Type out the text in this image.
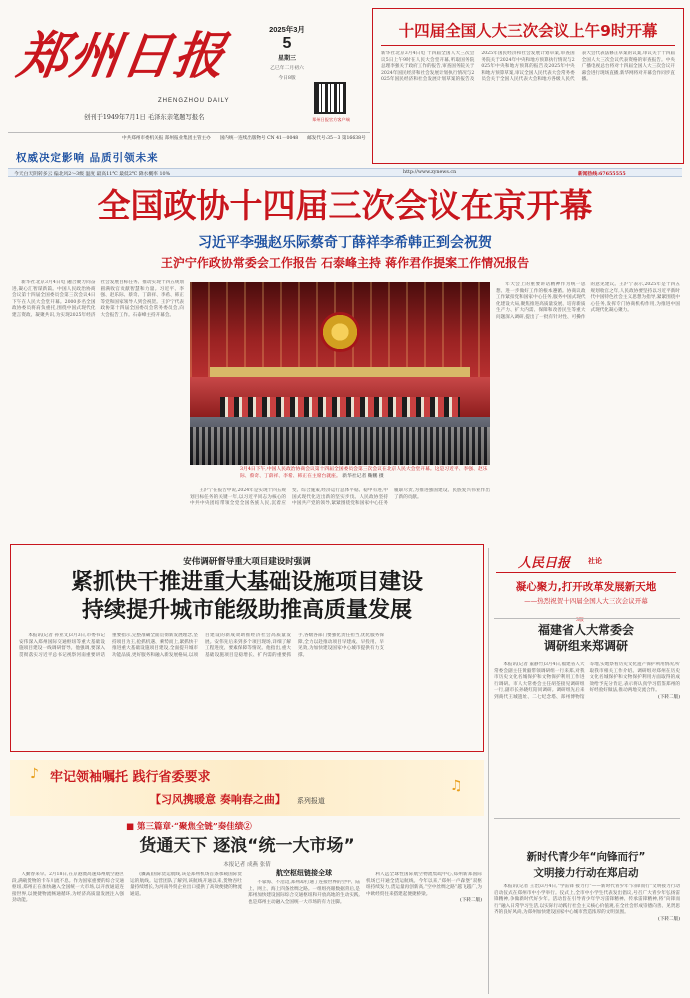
郑州日报
ZHENGZHOU DAILY
创刊于1949年7月1日 毛泽东亲笔题写报名
2025年3月
5
星期三
乙巳年二月初六
今日8版
郑州日报官方客户端
中共郑州市委机关报 郑州报业集团主管主办 国内统一连续出版物号 CN 41－0048 邮发代号:35－3 第16638号
权威决定影响 品质引领未来
今天白天阴转多云 偏北风2～3级 温度 最高11℃ 最低2℃ 降水概率 10%	http://www.zynews.cn	新闻热线:67655555
十四届全国人大三次会议上午9时开幕
新华社北京3月4日电 十四届全国人大三次会议5日上午9时在人民大会堂开幕,听取国务院总理李强关于政府工作的报告,审查国务院关于2024年国民经济和社会发展计划执行情况与2025年国民经济和社会发展计划草案的报告及2025年国民经济和社会发展计划草案,审查国务院关于2024年中央和地方预算执行情况与2025年中央和地方预算的报告及2025年中央和地方预算草案,审议全国人民代表大会常务委员会关于全国人民代表大会和地方各级人民代表大会代表法修正草案的议案,审议关于十四届全国人大三次会议代表资格的审查报告。中央广播电视总台将对十四届全国人大三次会议开幕会进行现场直播,新华网将对开幕会作同步直播。
全国政协十四届三次会议在京开幕
习近平李强赵乐际蔡奇丁薛祥李希韩正到会祝贺
王沪宁作政协常委会工作报告 石泰峰主持 蒋作君作提案工作情况报告

新华社北京3月4日电 融合聚力同奋进,凝心汇智谋新篇。中国人民政治协商会议第十四届全国委员会第三次会议4日下午在人民大会堂开幕。2000多名全国政协委员将肩负重托,围绕中国式现代化建言资政、凝聚共识,为实现2025年经济社会发展目标任务、推动实现十四五规划圆满收官贡献智慧和力量。习近平、李强、赵乐际、蔡奇、丁薛祥、李希、韩正等党和国家领导人到会祝贺。王沪宁代表政协第十四届全国委员会常务委员会,向大会报告工作。石泰峰主持开幕会。

3月4日下午,中国人民政治协商会议第十四届全国委员会第三次会议在北京人民大会堂开幕。这是习近平、李强、赵乐际、蔡奇、丁薛祥、李希、韩正在主席台就座。 新华社记者 鞠鹏 摄

王沪宁在报告中说,2024年是实现十四五规划目标任务的关键一年,以习近平同志为核心的中共中央团结带领全党全国各族人民,沉着应变、综合施策,经济运行总体平稳、稳中有进,中国式现代化迈出新的坚实步伐。人民政协坚持中国共产党的领导,紧紧围绕党和国家中心任务履职尽责,为推进强国建设、民族复兴伟业作出了新的贡献。

年大会上的重要讲话精神作为统一思想、进一步做好工作的根本遵循。协商议政工作紧扣党和国家中心任务,服务中国式现代化建设大局,聚焦推进高质量发展、培育新质生产力、扩大内需、保障和改善民生等重大问题深入调研,提出了一批有针对性、可操作的意见建议。王沪宁表示,2025年是十四五规划收官之年,人民政协要坚持以习近平新时代中国特色社会主义思想为指导,紧紧围绕中心任务,发挥专门协商机构作用,为推进中国式现代化凝心聚力。

安伟调研督导重大项目建设时强调
紧抓快干推进重大基础设施项目建设
持续提升城市能级助推高质量发展

本报讯(记者 孙亚文)3月3日,市委书记安伟深入郑州国际交通枢纽等重大基础设施项目建设一线调研督导。他强调,要深入贯彻落实习近平总书记视察河南重要讲话重要指示,完整准确全面贯彻新发展理念,坚持项目为王,抢抓机遇、乘势而上,紧抓快干推进重大基础设施项目建设,全面提升城市功能品质,更好服务和融入新发展格局,以项目建设的新成效助推经济社会高质量发展。安伟先后来到多个项目现场,详细了解工程进度、要素保障等情况。他指出,重大基础设施项目是稳增长、扩内需的重要抓手,各级各部门要强化责任担当,优化服务保障,全力以赴推动项目早建成、早投用、早见效,为加快建设国家中心城市提供有力支撑。

人民日报	社论
凝心聚力,打开改革发展新天地
——热烈祝贺十四届全国人大三次会议开幕
3版
福建省人大常委会
调研组来郑调研

本报讯(记者 董静竹)3月4日,福建省人大常委会副主任黄毅带领调研组一行来郑,对我市历史文化名城保护和文物保护利用工作进行调研。市人大常委会主任胡荃接见调研组一行,副市长孙晓红陪同调研。调研组先后来到商代王城遗址、二七纪念塔、郑州博物馆等地,实地察看历史文化遗产保护利用情况,听取我市相关工作介绍。调研组对郑州在历史文化名城保护和文物保护利用方面取得的成效给予充分肯定,表示将认真学习借鉴郑州的好经验好做法,推动两地交流合作。

(下转二版)

♪
♫
牢记领袖嘱托 践行省委要求
【习风携暖意 奏响春之曲】 系列报道
■ 第三篇章·“聚焦全链”奏佳绩②
货通天下 逐浪“统一大市场”
本报记者 成燕 张倩

人勤春来早。2月18日,在京港澳高速郑州航空港区段,满载货物的卡车川流不息。作为国家重要的综合交通枢纽,郑州正在加快融入全国统一大市场,以开放通道连接世界,以便捷物流畅通循环,为经济高质量发展注入强劲动能。

(骤减)国际货运航线,该是郑州机场首条承载国际货运的航线。运营团队了解到,该航线开通以来,货物吞吐量持续增长,为河南外贸企业出口提供了高效便捷的物流通道。

航空枢纽链接全球

不靠海、不沿边,郑州却打通了连接世界的空中、陆上、网上、海上四条丝绸之路。一组组亮眼数据背后,是郑州加快建设国际综合交通枢纽和开放高地的生动实践,也是郑州主动融入全国统一大市场的有力注脚。

利人远全球性国际航空物流集疏中心,郑州新郑国际机场已开通全货运航线。今年以来,“郑州一卢森堡”双枢纽持续发力,货运量再创新高,“空中丝绸之路”越飞越广,为中欧经贸往来搭建起便捷桥梁。

(下转二版)

新时代青少年“向锋而行”
文明接力行动在郑启动

本报讯(记者 王治)3月4日,“学雷锋 接力行”——新时代青少年“向锋而行”文明接力行动启动仪式在郑州市中小学举行。仪式上,全市中小学生代表发出倡议,号召广大青少年弘扬雷锋精神,争做新时代好少年。活动旨在引导青少年学习雷锋精神、传承雷锋精神,将“向锋而行”融入日常学习生活,以实际行动践行社会主义核心价值观,在全社会形成崇德向善、见贤思齐的良好风尚,为郑州加快建设国家中心城市营造浓厚的文明氛围。

(下转二版)
